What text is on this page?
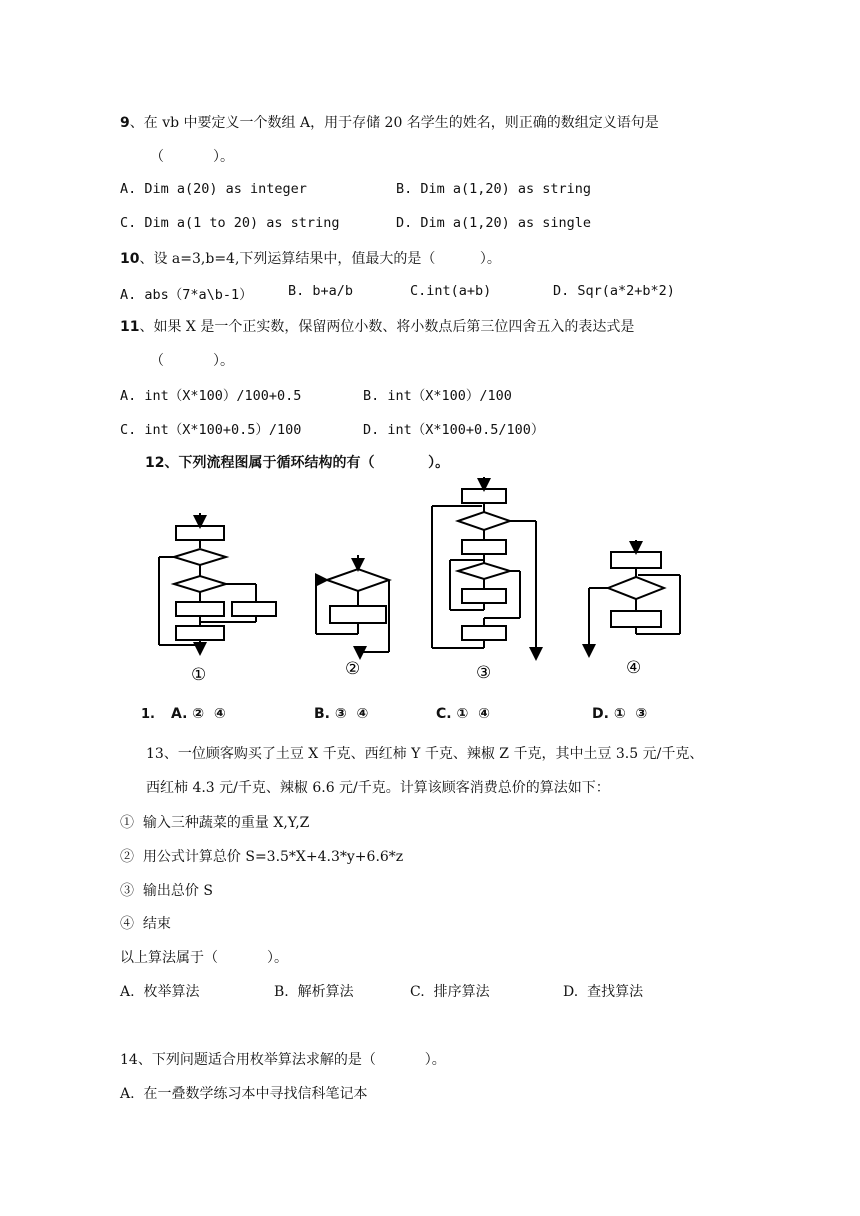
9、在 vb 中要定义一个数组 A，用于存储 20 名学生的姓名，则正确的数组定义语句是
（           ）。
A. Dim a(20) as integer	B. Dim a(1,20) as string
C. Dim a(1 to 20) as string	D. Dim a(1,20) as single
10、设 a=3,b=4,下列运算结果中，值最大的是（          ）。
A. abs（7*a\b-1）	B. b+a/b	C.int(a+b)	D. Sqr(a*2+b*2)
11、如果 X 是一个正实数，保留两位小数、将小数点后第三位四舍五入的表达式是
（           ）。
A. int（X*100）/100+0.5	B. int（X*100）/100
C. int（X*100+0.5）/100	D. int（X*100+0.5/100）
12、下列流程图属于循环结构的有（           ）。
①	②	③	④
1. A. ②  ④	B. ③  ④	C. ①  ④	D. ①  ③
13、一位顾客购买了土豆 X 千克、西红柿 Y 千克、辣椒 Z 千克，其中土豆 3.5 元/千克、
西红柿 4.3 元/千克、辣椒 6.6 元/千克。计算该顾客消费总价的算法如下：
①  输入三种蔬菜的重量 X,Y,Z
②  用公式计算总价 S=3.5*X+4.3*y+6.6*z
③  输出总价 S
④  结束
以上算法属于（           ）。
A.  枚举算法	B.  解析算法	C.  排序算法	D.  查找算法
14、下列问题适合用枚举算法求解的是（           ）。
A.  在一叠数学练习本中寻找信科笔记本
